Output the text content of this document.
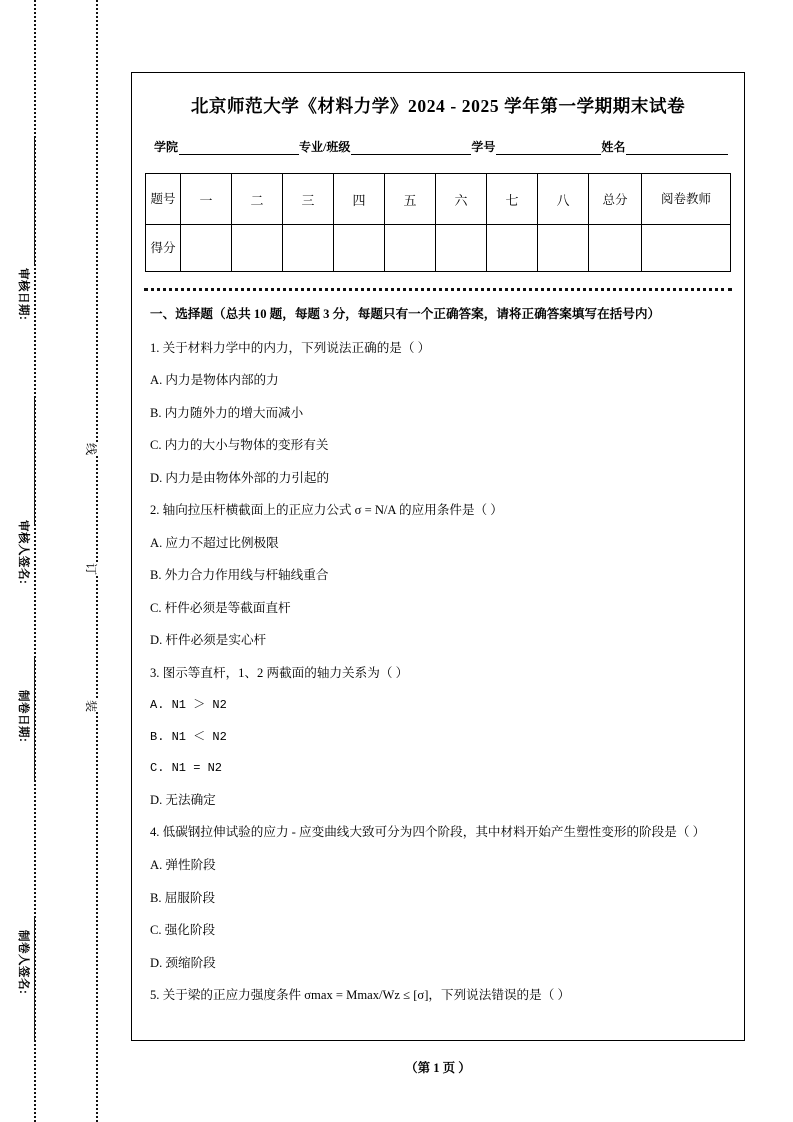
审核日期:
审核人签名:
制卷日期:
制卷人签名:
线
订
装
北京师范大学《材料力学》2024 - 2025 学年第一学期期末试卷
学院	专业/班级	学号	姓名
题号	一	二	三	四	五	六	七	八	总分	阅卷教师
得分										
一、选择题（总共 10 题，每题 3 分，每题只有一个正确答案，请将正确答案填写在括号内）
1. 关于材料力学中的内力，下列说法正确的是（ ）
A. 内力是物体内部的力
B. 内力随外力的增大而减小
C. 内力的大小与物体的变形有关
D. 内力是由物体外部的力引起的
2. 轴向拉压杆横截面上的正应力公式 σ = N/A 的应用条件是（ ）
A. 应力不超过比例极限
B. 外力合力作用线与杆轴线重合
C. 杆件必须是等截面直杆
D. 杆件必须是实心杆
3. 图示等直杆，1、2 两截面的轴力关系为（ ）
A. N1 ＞ N2
B. N1 ＜ N2
C. N1 = N2
D. 无法确定
4. 低碳钢拉伸试验的应力 - 应变曲线大致可分为四个阶段，其中材料开始产生塑性变形的阶段是（ ）
A. 弹性阶段
B. 屈服阶段
C. 强化阶段
D. 颈缩阶段
5. 关于梁的正应力强度条件 σmax = Mmax/Wz ≤ [σ]，下列说法错误的是（ ）
（第 1 页 ）
